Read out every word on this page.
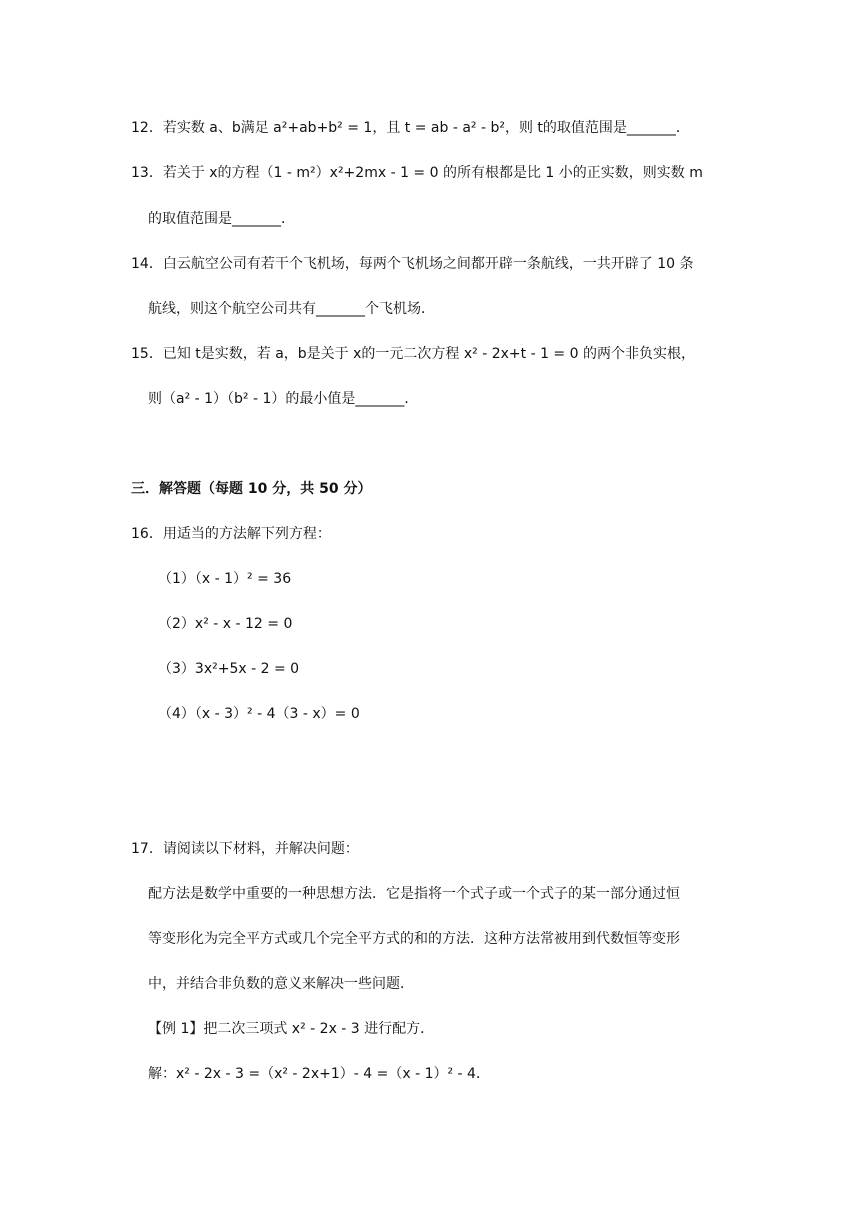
12．若实数 a、b满足 a²+ab+b² = 1，且 t = ab - a² - b²，则 t的取值范围是_______．
13．若关于 x的方程（1 - m²）x²+2mx - 1 = 0 的所有根都是比 1 小的正实数，则实数 m
的取值范围是_______．
14．白云航空公司有若干个飞机场，每两个飞机场之间都开辟一条航线，一共开辟了 10 条
航线，则这个航空公司共有_______个飞机场．
15．已知 t是实数，若 a，b是关于 x的一元二次方程 x² - 2x+t - 1 = 0 的两个非负实根，
则（a² - 1）（b² - 1）的最小值是_______．
三．解答题（每题 10 分，共 50 分）
16．用适当的方法解下列方程：
（1）（x - 1）² = 36
（2）x² - x - 12 = 0
（3）3x²+5x - 2 = 0
（4）（x - 3）² - 4（3 - x）= 0
17．请阅读以下材料，并解决问题：
配方法是数学中重要的一种思想方法．它是指将一个式子或一个式子的某一部分通过恒
等变形化为完全平方式或几个完全平方式的和的方法．这种方法常被用到代数恒等变形
中，并结合非负数的意义来解决一些问题．
【例 1】把二次三项式 x² - 2x - 3 进行配方．
解：x² - 2x - 3 =（x² - 2x+1）- 4 =（x - 1）² - 4．
